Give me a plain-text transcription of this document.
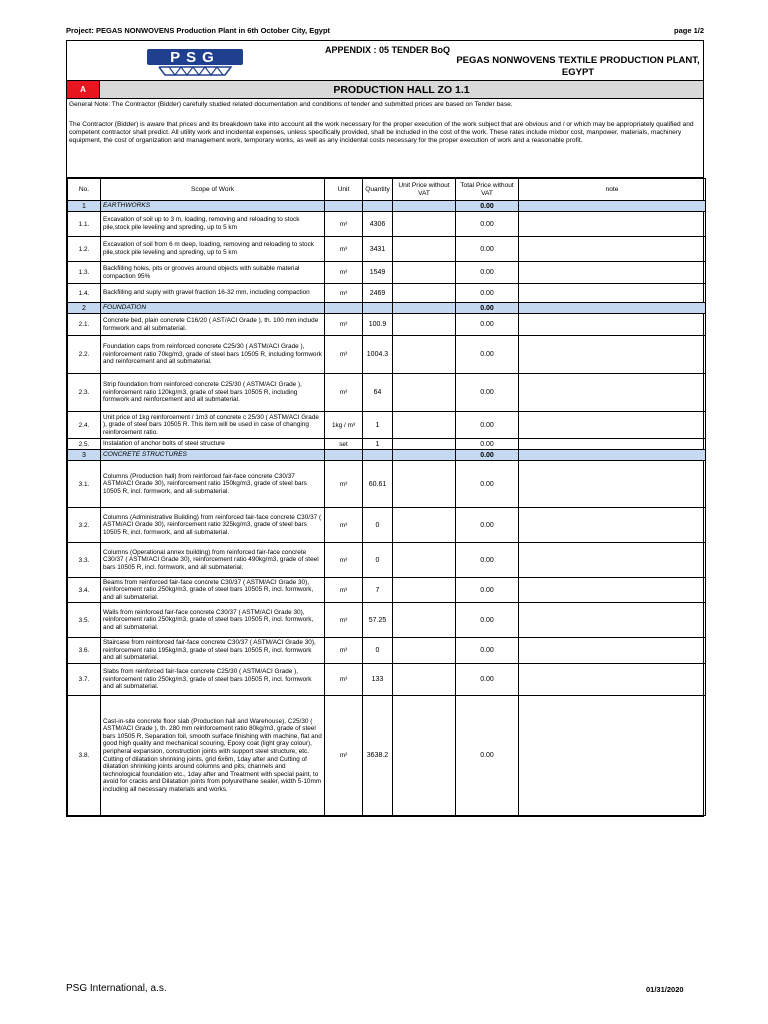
Project: PEGAS NONWOVENS Production Plant in 6th October City, Egypt	page 1/2
PSG	APPENDIX : 05 TENDER BoQ
PEGAS NONWOVENS TEXTILE PRODUCTION PLANT, EGYPT
A	PRODUCTION HALL ZO 1.1

General Note: The Contractor (Bidder) carefully studied related documentation and conditions of tender and submitted prices are based on Tender base.

The Contractor (Bidder) is aware that prices and its breakdown take into account all the work necessary for the proper execution of the work subject that are obvious and / or which may be appropriately qualified and competent contractor shall predict. All utility work and incidental expenses, unless specifically provided, shall be included in the cost of the work. These rates include mixbor cost, manpower, materials, machinery equipment, the cost of organization and management work, temporary works, as well as any incidental costs necessary for the proper execution of work and a reasonable profit.

No.	Scope of Work	Unit	Quantity	Unit Price without VAT	Total Price without VAT	note
1	EARTHWORKS				0.00	
1.1.	Excavation of soil up to 3 m, loading, removing and reloading to stock pile,stock pile leveling and spreding, up to 5 km	m³	4306		0.00	
1.2.	Excavation of soil from 6 m deep, loading, removing and reloading to stock pile,stock pile leveling and spreding, up to 5 km	m³	3431		0.00	
1.3.	Backfilling holes, pits or grooves around objects with suitable material compaction 95%	m³	1549		0.00	
1.4.	Backfilling and suply with gravel fraction 16-32 mm, including compaction	m³	2469		0.00	
2	FOUNDATION				0.00	
2.1.	Concrete bed, plain concrete C16/20 ( AST/ACI Grade ), th. 100 mm include formwork and all submaterial.	m³	100.9		0.00	
2.2.	Foundation caps from reinforced concrete C25/30 ( ASTM/ACI Grade ), reinforcement ratio 70kg/m3, grade of steel bars 10505 R, including formwork and reinforcement and all submaterial.	m³	1004.3		0.00	
2.3.	Strip foundation from reinforced concrete C25/30 ( ASTM/ACI Grade ), reinforcement ratio 120kg/m3, grade of steel bars 10505 R, including formwork and reinforcement and all submaterial.	m³	64		0.00	
2.4.	Unit price of 1kg reinforcement / 1m3 of concrete c 25/30 ( ASTM/ACI Grade ), grade of steel bars 10505 R. This item will be used in case of changing reinforcement ratio.	1kg / m³	1		0.00	
2.5.	Instalation of anchor bolts of steel structure	set	1		0.00	
3	CONCRETE STRUCTURES				0.00	
3.1.	Columns (Production hall) from reinforced fair-face concrete C30/37 ASTM/ACI Grade 30), reinforcement ratio 150kg/m3, grade of steel bars 10505 R, incl. formwork, and all submaterial.	m³	60.61		0.00	
3.2.	Columns (Administrative Building) from reinforced fair-face concrete C30/37 ( ASTM/ACI Grade 30), reinforcement ratio 325kg/m3, grade of steel bars 10505 R, incl. formwork, and all submaterial.	m³	0		0.00	
3.3.	Columns (Operational annex building) from reinforced fair-face concrete C30/37 ( ASTM/ACI Grade 30), reinforcement ratio 490kg/m3, grade of steel bars 10505 R, incl. formwork, and all submaterial.	m³	0		0.00	
3.4.	Beams from reinforced fair-face concrete C30/37 ( ASTM/ACI Grade 30), reinforcement ratio 250kg/m3, grade of steel bars 10505 R, incl. formwork, and all submaterial.	m³	7		0.00	
3.5.	Walls from reinforced fair-face concrete C30/37 ( ASTM/ACI Grade 30), reinforcement ratio 250kg/m3, grade of steel bars 10505 R, incl. formwork, and all submaterial.	m³	57.25		0.00	
3.6.	Staircase from reinforced fair-face concrete C30/37 ( ASTM/ACI Grade 30), reinforcement ratio 195kg/m3, grade of steel bars 10505 R, incl. formwork and all submaterial.	m³	0		0.00	
3.7.	Slabs from reinforced fair-face concrete C25/30 ( ASTM/ACI Grade ), reinforcement ratio 250kg/m3, grade of steel bars 10505 R, incl. formwork and all submaterial.	m³	133		0.00	
3.8.	Cast-in-site concrete floor slab (Production hall and Warehouse), C25/30 ( ASTM/ACI Grade ), th. 280 mm reinforcement ratio 80kg/m3, grade of steel bars 10505 R, Separation foil, smooth surface finishing with machine, flat and good high quality and mechanical scouring, Epoxy coat (light gray colour), peripheral expansion, construction joints with support steel structure, etc. Cutting of dilatation shrinking joints, grid 6x6m, 1day after and Cutting of dilatation shrinking joints around columns and pits, channels and technological foundation etc., 1day after and Treatment with special paint, to avoid for cracks and Dilatation joints from polyurethane sealer, width 5-10mm including all necessary materials and works.	m²	3638.2		0.00	
PSG International, a.s.	01/31/2020
